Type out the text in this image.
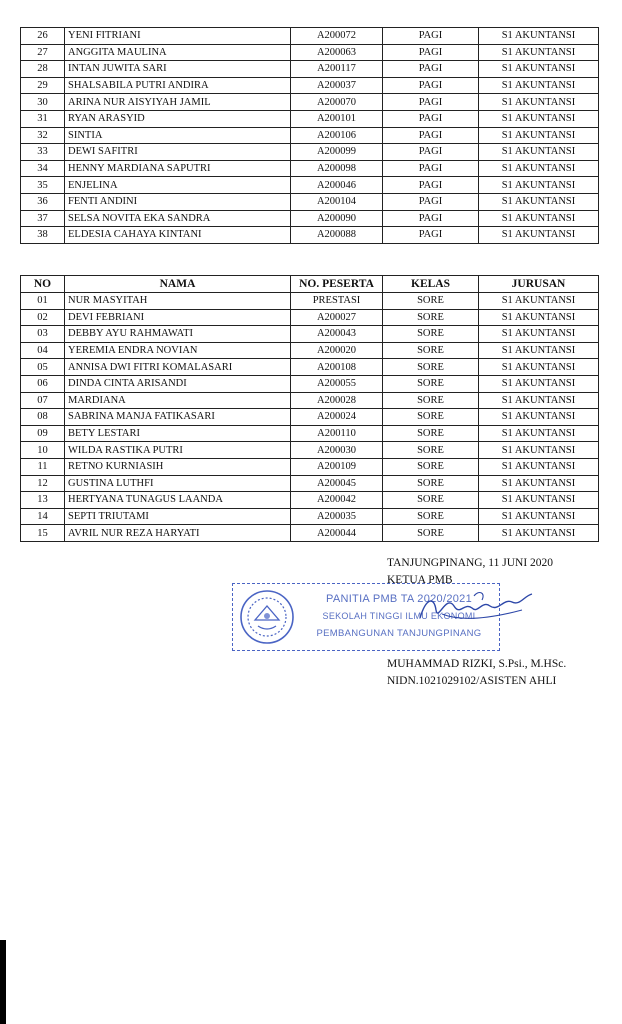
26	YENI FITRIANI	A200072	PAGI	S1 AKUNTANSI
27	ANGGITA MAULINA	A200063	PAGI	S1 AKUNTANSI
28	INTAN JUWITA SARI	A200117	PAGI	S1 AKUNTANSI
29	SHALSABILA PUTRI ANDIRA	A200037	PAGI	S1 AKUNTANSI
30	ARINA NUR AISYIYAH JAMIL	A200070	PAGI	S1 AKUNTANSI
31	RYAN ARASYID	A200101	PAGI	S1 AKUNTANSI
32	SINTIA	A200106	PAGI	S1 AKUNTANSI
33	DEWI SAFITRI	A200099	PAGI	S1 AKUNTANSI
34	HENNY MARDIANA SAPUTRI	A200098	PAGI	S1 AKUNTANSI
35	ENJELINA	A200046	PAGI	S1 AKUNTANSI
36	FENTI ANDINI	A200104	PAGI	S1 AKUNTANSI
37	SELSA NOVITA EKA SANDRA	A200090	PAGI	S1 AKUNTANSI
38	ELDESIA CAHAYA KINTANI	A200088	PAGI	S1 AKUNTANSI
NO	NAMA	NO. PESERTA	KELAS	JURUSAN
01	NUR MASYITAH	PRESTASI	SORE	S1 AKUNTANSI
02	DEVI FEBRIANI	A200027	SORE	S1 AKUNTANSI
03	DEBBY AYU RAHMAWATI	A200043	SORE	S1 AKUNTANSI
04	YEREMIA ENDRA NOVIAN	A200020	SORE	S1 AKUNTANSI
05	ANNISA DWI FITRI KOMALASARI	A200108	SORE	S1 AKUNTANSI
06	DINDA CINTA ARISANDI	A200055	SORE	S1 AKUNTANSI
07	MARDIANA	A200028	SORE	S1 AKUNTANSI
08	SABRINA MANJA FATIKASARI	A200024	SORE	S1 AKUNTANSI
09	BETY LESTARI	A200110	SORE	S1 AKUNTANSI
10	WILDA RASTIKA PUTRI	A200030	SORE	S1 AKUNTANSI
11	RETNO KURNIASIH	A200109	SORE	S1 AKUNTANSI
12	GUSTINA LUTHFI	A200045	SORE	S1 AKUNTANSI
13	HERTYANA TUNAGUS LAANDA	A200042	SORE	S1 AKUNTANSI
14	SEPTI TRIUTAMI	A200035	SORE	S1 AKUNTANSI
15	AVRIL NUR REZA HARYATI	A200044	SORE	S1 AKUNTANSI
TANJUNGPINANG, 11 JUNI 2020
KETUA PMB
PANITIA PMB TA 2020/2021
SEKOLAH TINGGI ILMU EKONOMI
PEMBANGUNAN TANJUNGPINANG
MUHAMMAD RIZKI, S.Psi., M.HSc.
NIDN.1021029102/ASISTEN AHLI
